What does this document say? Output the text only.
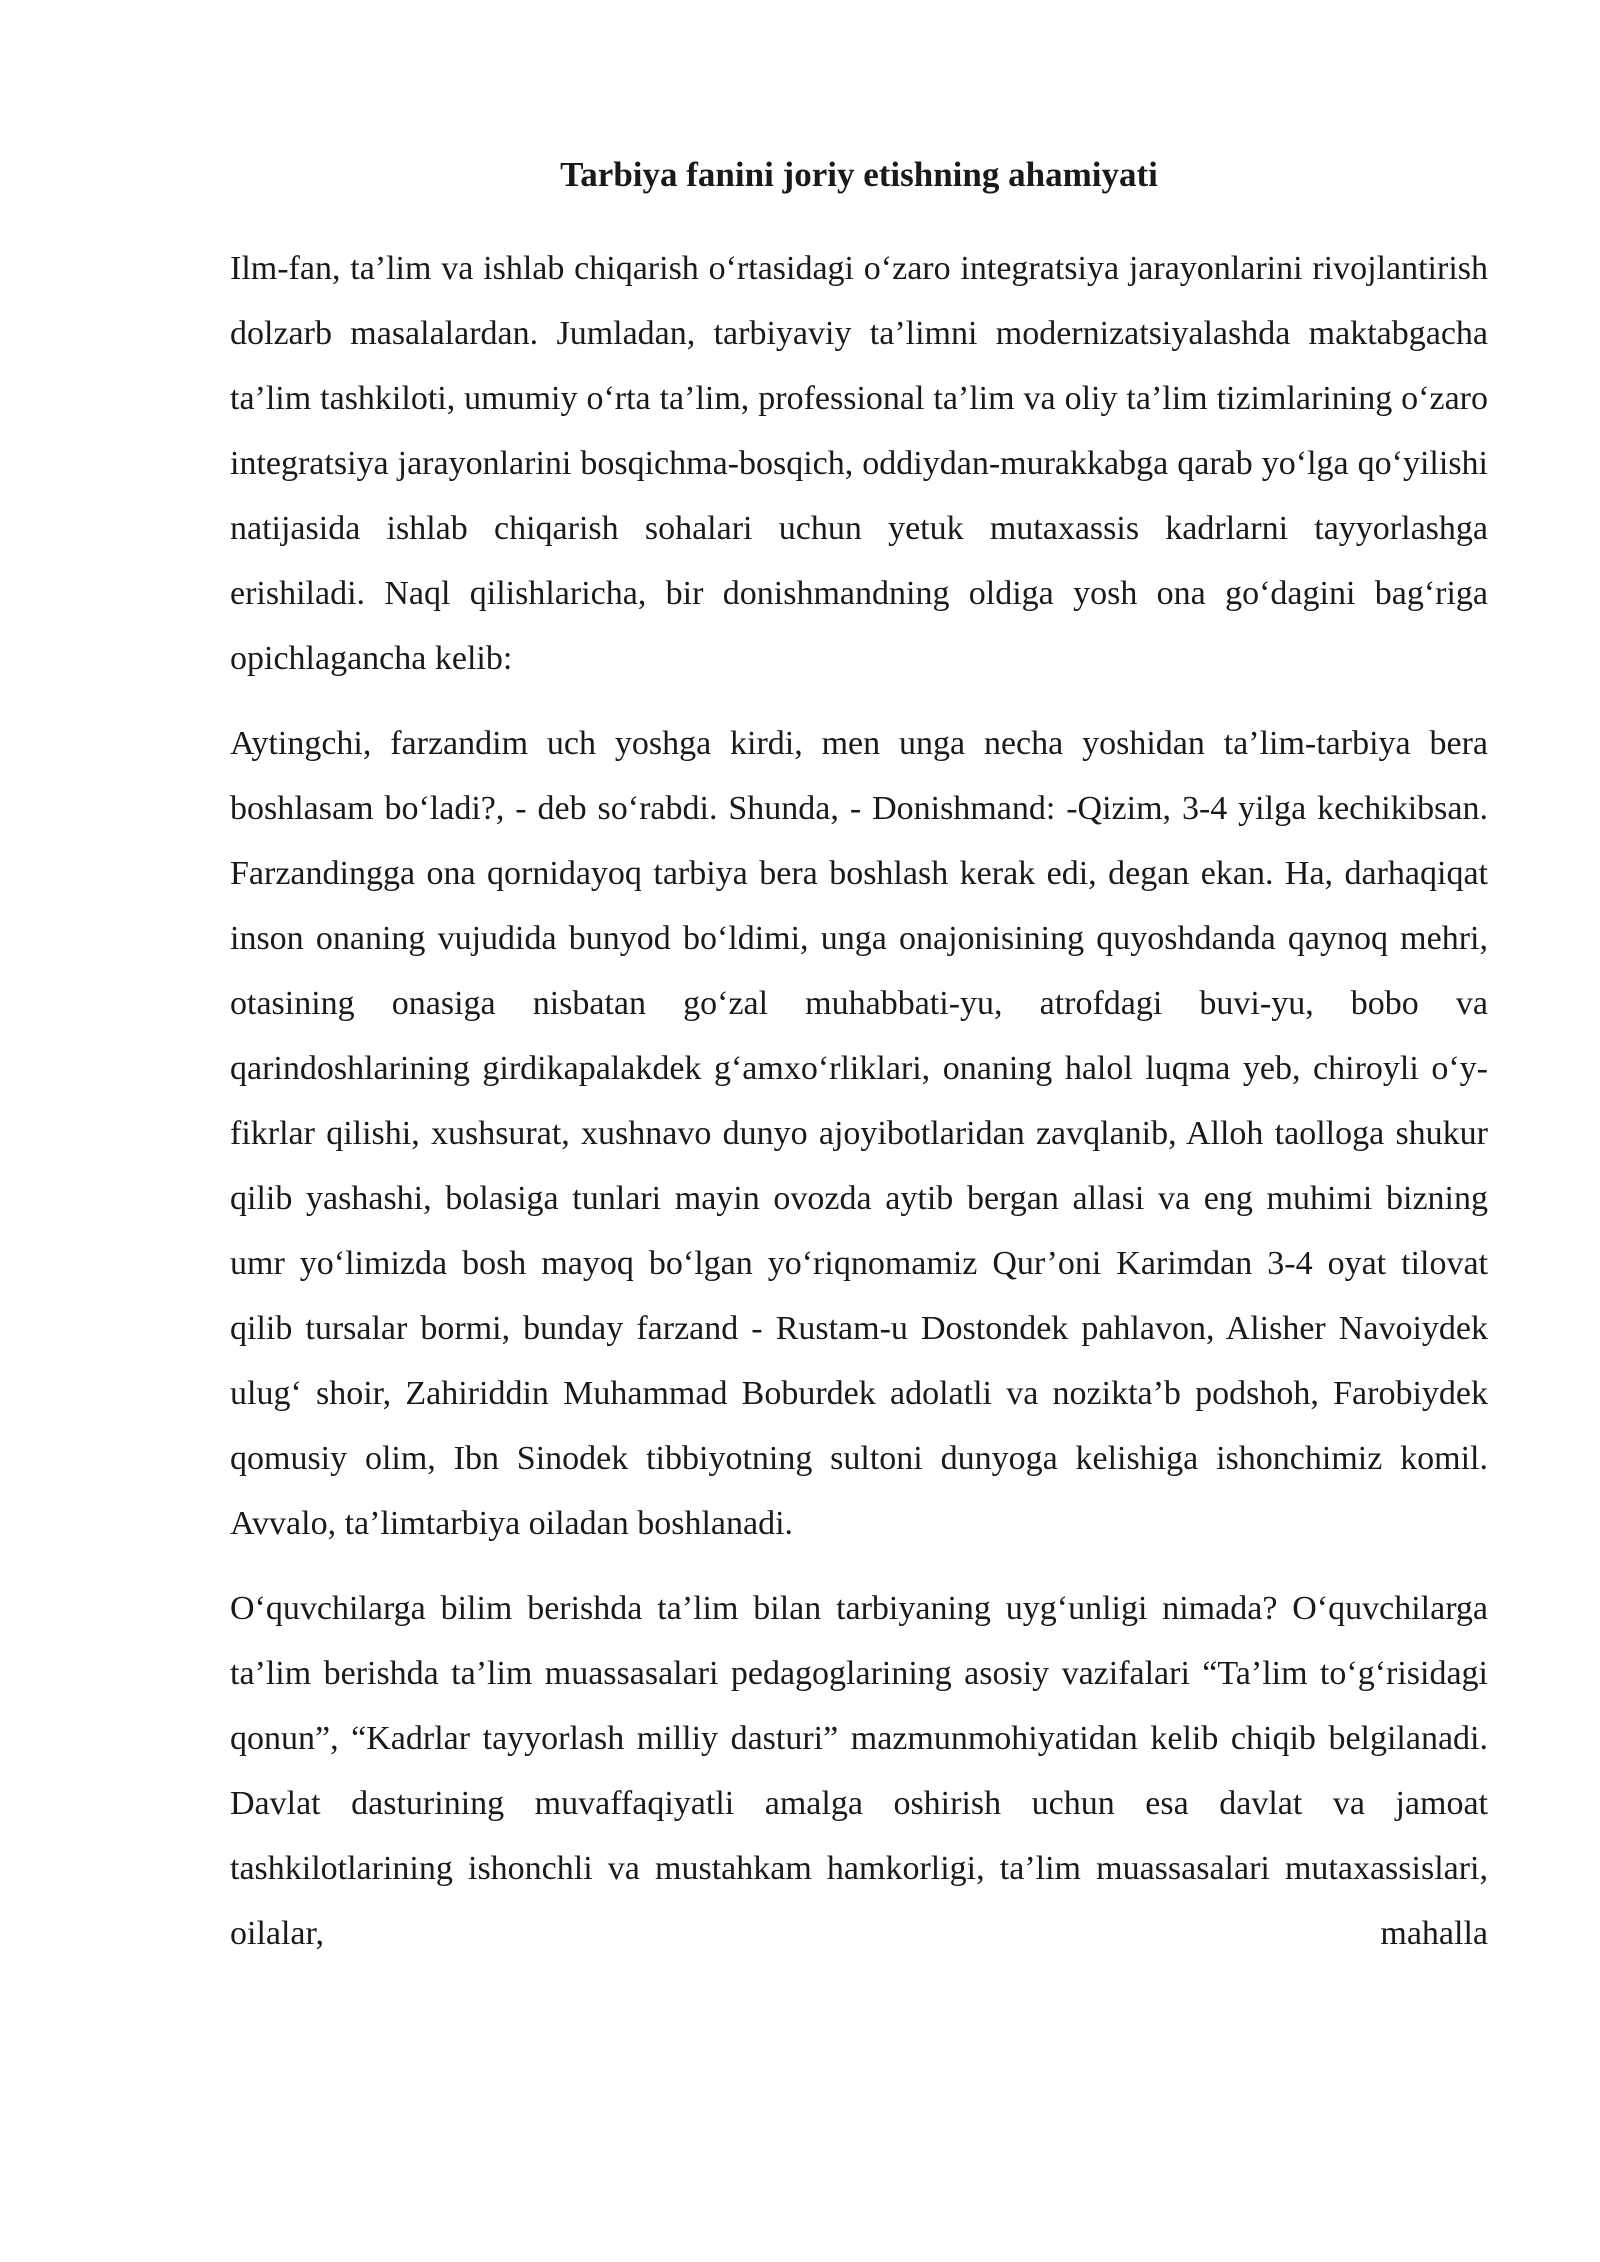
Tarbiya fanini joriy etishning ahamiyati

Ilm-fan, ta’lim va ishlab chiqarish o‘rtasidagi o‘zaro integratsiya jarayonlarini rivojlantirish dolzarb masalalardan. Jumladan, tarbiyaviy ta’limni modernizatsiyalashda maktabgacha ta’lim tashkiloti, umumiy o‘rta ta’lim, professional ta’lim va oliy ta’lim tizimlarining o‘zaro integratsiya jarayonlarini bosqichma-bosqich, oddiydan-murakkabga qarab yo‘lga qo‘yilishi natijasida ishlab chiqarish sohalari uchun yetuk mutaxassis kadrlarni tayyorlashga erishiladi. Naql qilishlaricha, bir donishmandning oldiga yosh ona go‘dagini bag‘riga opichlagancha kelib:

Aytingchi, farzandim uch yoshga kirdi, men unga necha yoshidan ta’lim-tarbiya bera boshlasam bo‘ladi?, - deb so‘rabdi. Shunda, - Donishmand: -Qizim, 3-4 yilga kechikibsan. Farzandingga ona qornidayoq tarbiya bera boshlash kerak edi, degan ekan. Ha, darhaqiqat inson onaning vujudida bunyod bo‘ldimi, unga onajonisining quyoshdanda qaynoq mehri, otasining onasiga nisbatan go‘zal muhabbati-yu, atrofdagi buvi-yu, bobo va qarindoshlarining girdikapalakdek g‘amxo‘rliklari, onaning halol luqma yeb, chiroyli o‘y-fikrlar qilishi, xushsurat, xushnavo dunyo ajoyibotlaridan zavqlanib, Alloh taolloga shukur qilib yashashi, bolasiga tunlari mayin ovozda aytib bergan allasi va eng muhimi bizning umr yo‘limizda bosh mayoq bo‘lgan yo‘riqnomamiz Qur’oni Karimdan 3-4 oyat tilovat qilib tursalar bormi, bunday farzand - Rustam-u Dostondek pahlavon, Alisher Navoiydek ulug‘ shoir, Zahiriddin Muhammad Boburdek adolatli va nozikta’b podshoh, Farobiydek qomusiy olim, Ibn Sinodek tibbiyotning sultoni dunyoga kelishiga ishonchimiz komil. Avvalo, ta’limtarbiya oiladan boshlanadi.

O‘quvchilarga bilim berishda ta’lim bilan tarbiyaning uyg‘unligi nimada? O‘quvchilarga ta’lim berishda ta’lim muassasalari pedagoglarining asosiy vazifalari “Ta’lim to‘g‘risidagi qonun”, “Kadrlar tayyorlash milliy dasturi” mazmunmohiyatidan kelib chiqib belgilanadi. Davlat dasturining muvaffaqiyatli amalga oshirish uchun esa davlat va jamoat tashkilotlarining ishonchli va mustahkam hamkorligi, ta’lim muassasalari mutaxassislari, oilalar, mahalla
